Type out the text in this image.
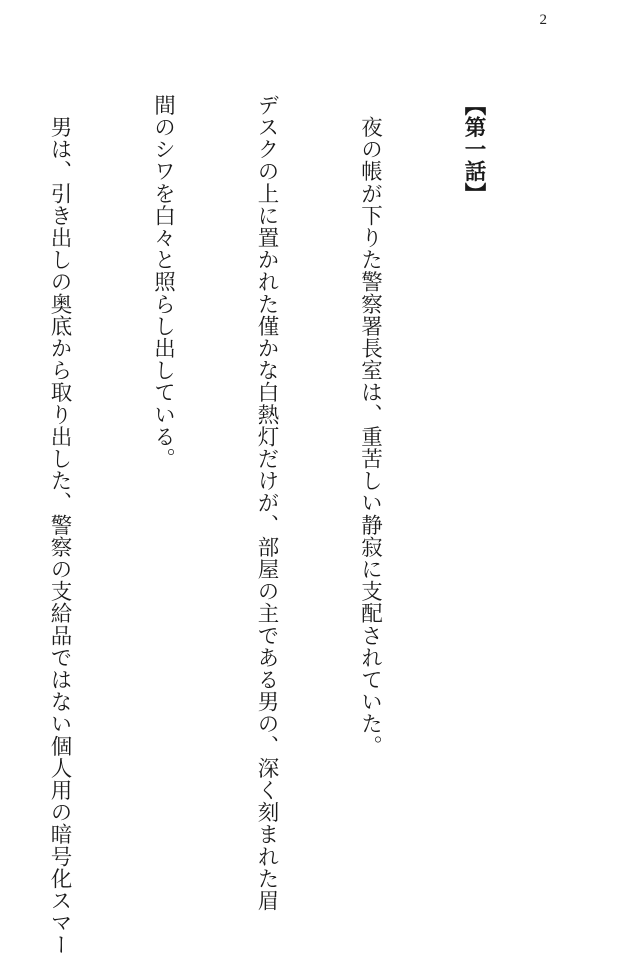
2

【第一話】

　夜の帳が下りた警察署長室は、重苦しい静寂に支配されていた。

デスクの上に置かれた僅かな白熱灯だけが、部屋の主である男の、深く刻まれた眉

間のシワを白々と照らし出している。

　男は、引き出しの奥底から取り出した、警察の支給品ではない個人用の暗号化スマー
